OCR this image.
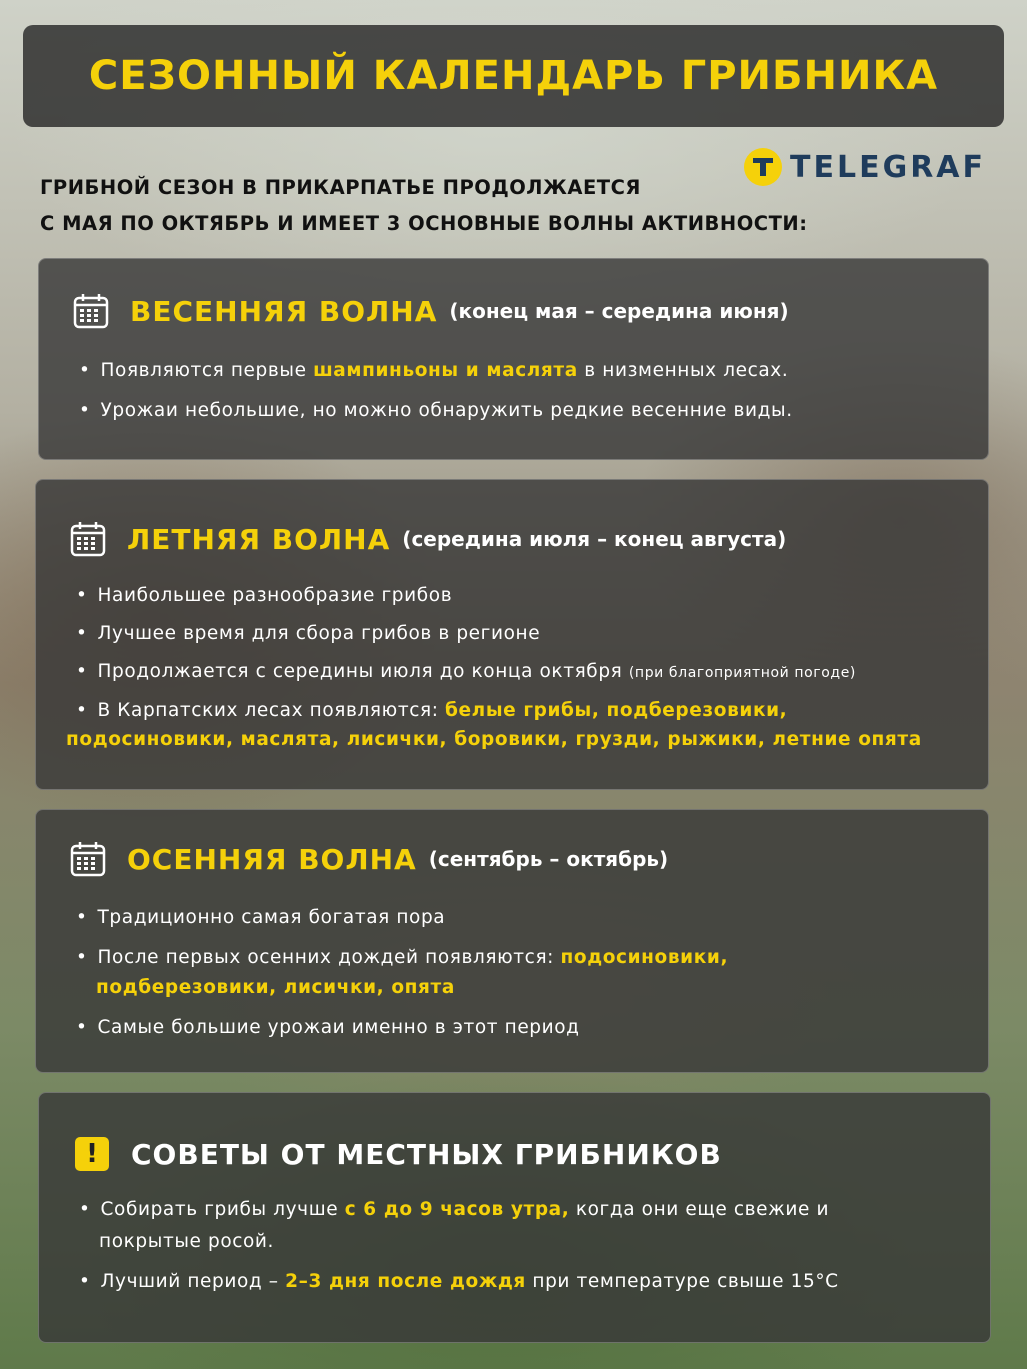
СЕЗОННЫЙ КАЛЕНДАРЬ ГРИБНИКА
TELEGRAF
ГРИБНОЙ СЕЗОН В ПРИКАРПАТЬЕ ПРОДОЛЖАЕТСЯ
С МАЯ ПО ОКТЯБРЬ И ИМЕЕТ 3 ОСНОВНЫЕ ВОЛНЫ АКТИВНОСТИ:
ВЕСЕННЯЯ ВОЛНА (конец мая – середина июня)
• Появляются первые шампиньоны и маслята в низменных лесах.
• Урожаи небольшие, но можно обнаружить редкие весенние виды.
ЛЕТНЯЯ ВОЛНА (середина июля – конец августа)
• Наибольшее разнообразие грибов
• Лучшее время для сбора грибов в регионе
• Продолжается с середины июля до конца октября (при благоприятной погоде)
• В Карпатских лесах появляются: белые грибы, подберезовики,
подосиновики, маслята, лисички, боровики, грузди, рыжики, летние опята
ОСЕННЯЯ ВОЛНА (сентябрь – октябрь)
• Традиционно самая богатая пора
• После первых осенних дождей появляются: подосиновики,
подберезовики, лисички, опята
• Самые большие урожаи именно в этот период
!	СОВЕТЫ ОТ МЕСТНЫХ ГРИБНИКОВ
• Собирать грибы лучше с 6 до 9 часов утра, когда они еще свежие и
покрытые росой.
• Лучший период – 2–3 дня после дождя при температуре свыше 15°C
